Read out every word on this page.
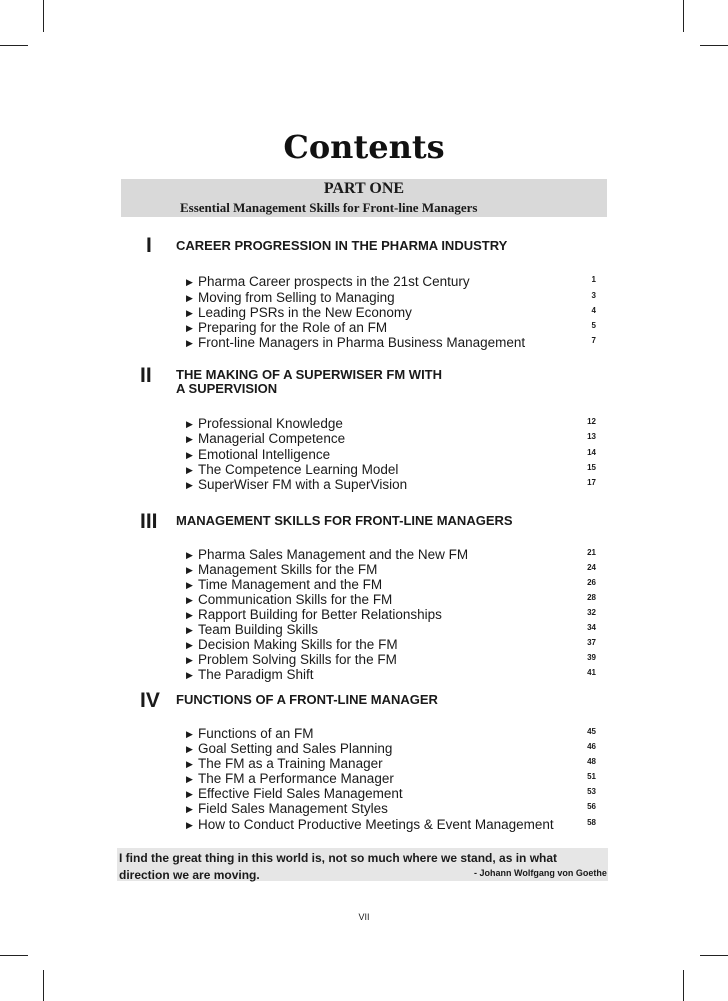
Contents
PART ONE
Essential Management Skills for Front-line Managers
I CAREER PROGRESSION IN THE PHARMA INDUSTRY
▶ Pharma Career prospects in the 21st Century	1
▶ Moving from Selling to Managing	3
▶ Leading PSRs in the New Economy	4
▶ Preparing for the Role of an FM	5
▶ Front-line Managers in Pharma Business Management	7
II THE MAKING OF A SUPERWISER FM WITH
A SUPERVISION
▶ Professional Knowledge	12
▶ Managerial Competence	13
▶ Emotional Intelligence	14
▶ The Competence Learning Model	15
▶ SuperWiser FM with a SuperVision	17
III MANAGEMENT SKILLS FOR FRONT-LINE MANAGERS
▶ Pharma Sales Management and the New FM	21
▶ Management Skills for the FM	24
▶ Time Management and the FM	26
▶ Communication Skills for the FM	28
▶ Rapport Building for Better Relationships	32
▶ Team Building Skills	34
▶ Decision Making Skills for the FM	37
▶ Problem Solving Skills for the FM	39
▶ The Paradigm Shift	41
IV FUNCTIONS OF A FRONT-LINE MANAGER
▶ Functions of an FM	45
▶ Goal Setting and Sales Planning	46
▶ The FM as a Training Manager	48
▶ The FM a Performance Manager	51
▶ Effective Field Sales Management	53
▶ Field Sales Management Styles	56
▶ How to Conduct Productive Meetings & Event Management	58
I find the great thing in this world is, not so much where we stand, as in what direction we are moving.	- Johann Wolfgang von Goethe
VII
